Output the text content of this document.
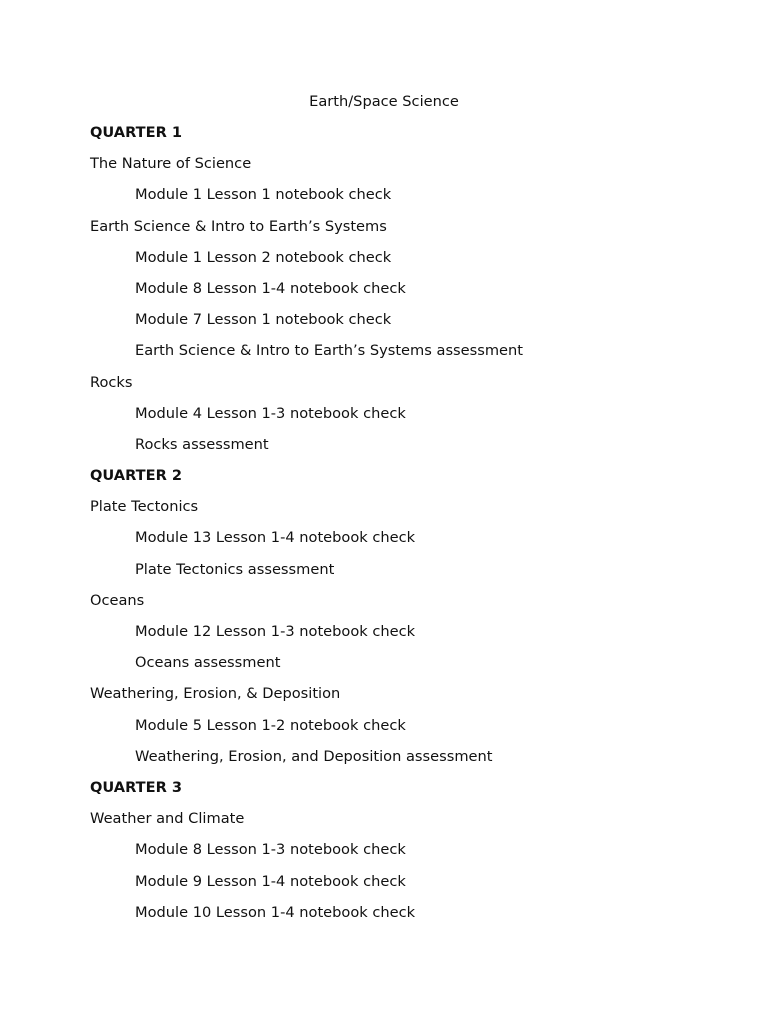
Earth/Space Science
QUARTER 1
The Nature of Science
Module 1 Lesson 1 notebook check
Earth Science & Intro to Earth’s Systems
Module 1 Lesson 2 notebook check
Module 8 Lesson 1-4 notebook check
Module 7 Lesson 1 notebook check
Earth Science & Intro to Earth’s Systems assessment
Rocks
Module 4 Lesson 1-3 notebook check
Rocks assessment
QUARTER 2
Plate Tectonics
Module 13 Lesson 1-4 notebook check
Plate Tectonics assessment
Oceans
Module 12 Lesson 1-3 notebook check
Oceans assessment
Weathering, Erosion, & Deposition
Module 5 Lesson 1-2 notebook check
Weathering, Erosion, and Deposition assessment
QUARTER 3
Weather and Climate
Module 8 Lesson 1-3 notebook check
Module 9 Lesson 1-4 notebook check
Module 10 Lesson 1-4 notebook check
